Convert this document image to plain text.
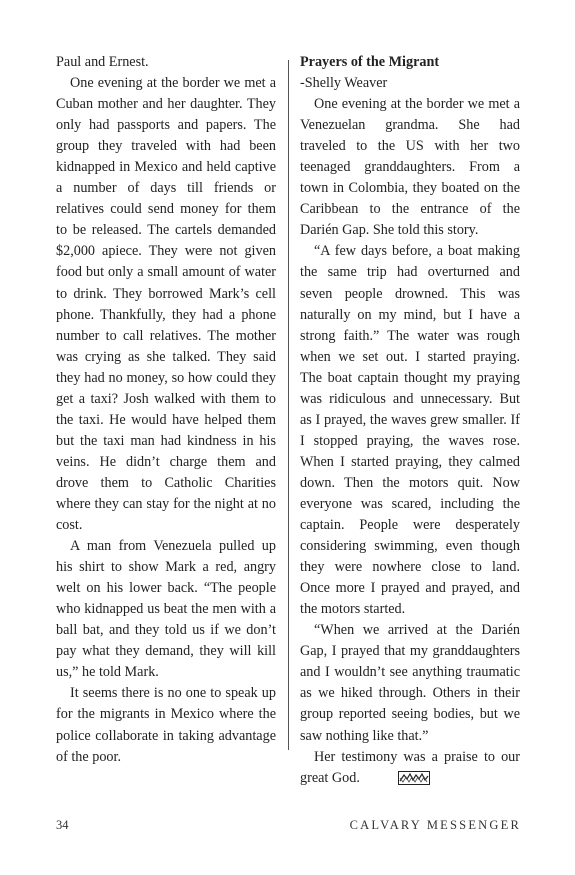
Paul and Ernest.

One evening at the border we met a Cuban mother and her daughter. They only had passports and papers. The group they traveled with had been kidnapped in Mexico and held captive a number of days till friends or relatives could send money for them to be released. The cartels demanded $2,000 apiece. They were not given food but only a small amount of water to drink. They borrowed Mark’s cell phone. Thankfully, they had a phone number to call relatives. The mother was crying as she talked. They said they had no money, so how could they get a taxi? Josh walked with them to the taxi. He would have helped them but the taxi man had kindness in his veins. He didn’t charge them and drove them to Catholic Charities where they can stay for the night at no cost.

A man from Venezuela pulled up his shirt to show Mark a red, angry welt on his lower back. “The people who kidnapped us beat the men with a ball bat, and they told us if we don’t pay what they demand, they will kill us,” he told Mark.

It seems there is no one to speak up for the migrants in Mexico where the police collaborate in taking advantage of the poor.

Prayers of the Migrant

-Shelly Weaver

One evening at the border we met a Venezuelan grandma. She had traveled to the US with her two teenaged granddaughters. From a town in Colombia, they boated on the Caribbean to the entrance of the Darién Gap. She told this story.

“A few days before, a boat making the same trip had overturned and seven people drowned. This was naturally on my mind, but I have a strong faith.” The water was rough when we set out. I started praying. The boat captain thought my praying was ridiculous and unnecessary. But as I prayed, the waves grew smaller. If I stopped praying, the waves rose. When I started praying, they calmed down. Then the motors quit. Now everyone was scared, including the captain. People were desperately considering swimming, even though they were nowhere close to land. Once more I prayed and prayed, and the motors started.

“When we arrived at the Darién Gap, I prayed that my granddaughters and I wouldn’t see anything traumatic as we hiked through. Others in their group reported seeing bodies, but we saw nothing like that.”

Her testimony was a praise to our great God.

34	CALVARY MESSENGER
